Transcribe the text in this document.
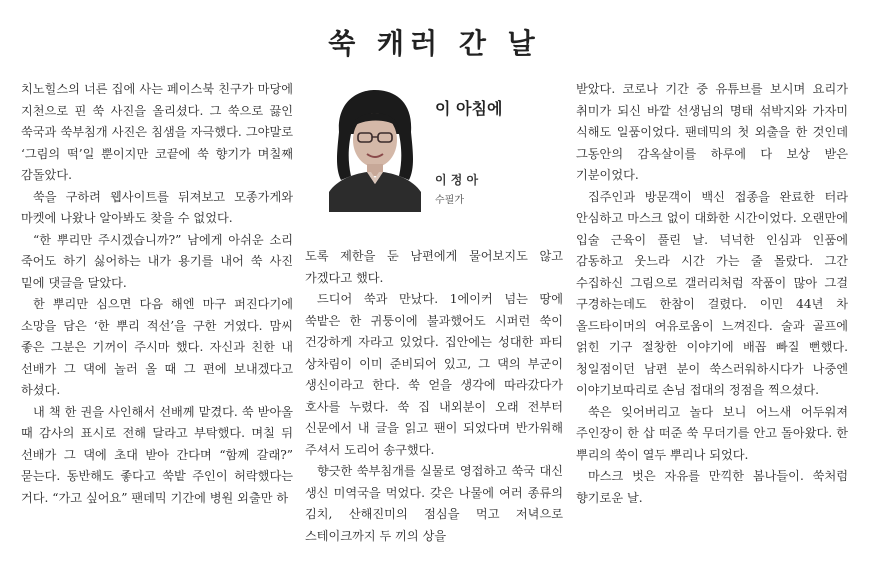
쑥 캐러 간 날
이 아침에
이 정 아
수필가

치노힐스의 너른 집에 사는 페이스북 친구가 마당에 지천으로 핀 쑥 사진을 올리셨다. 그 쑥으로 끓인 쑥국과 쑥부침개 사진은 침샘을 자극했다. 그야말로 ‘그림의 떡’일 뿐이지만 코끝에 쑥 향기가 며칠째 감돌았다.

쑥을 구하려 웹사이트를 뒤져보고 모종가게와 마켓에 나왔나 알아봐도 찾을 수 없었다.

“한 뿌리만 주시겠습니까?” 남에게 아쉬운 소리 죽어도 하기 싫어하는 내가 용기를 내어 쑥 사진 밑에 댓글을 달았다.

한 뿌리만 심으면 다음 해엔 마구 퍼진다기에 소망을 담은 ‘한 뿌리 적선’을 구한 거였다. 맘씨 좋은 그분은 기꺼이 주시마 했다. 자신과 친한 내 선배가 그 댁에 놀러 올 때 그 편에 보내겠다고 하셨다.

내 책 한 권을 사인해서 선배께 맡겼다. 쑥 받아올 때 감사의 표시로 전해 달라고 부탁했다. 며칠 뒤 선배가 그 댁에 초대 받아 간다며 “함께 갈래?” 묻는다. 동반해도 좋다고 쑥밭 주인이 허락했다는 거다. “가고 싶어요” 팬데믹 기간에 병원 외출만 하

도록 제한을 둔 남편에게 물어보지도 않고 가겠다고 했다.

드디어 쑥과 만났다. 1에이커 넘는 땅에 쑥밭은 한 귀퉁이에 불과했어도 시퍼런 쑥이 건강하게 자라고 있었다. 집안에는 성대한 파티 상차림이 이미 준비되어 있고, 그 댁의 부군이 생신이라고 한다. 쑥 얻을 생각에 따라갔다가 호사를 누렸다. 쑥 집 내외분이 오래 전부터 신문에서 내 글을 읽고 팬이 되었다며 반가워해 주셔서 도리어 송구했다.

향긋한 쑥부침개를 실물로 영접하고 쑥국 대신 생신 미역국을 먹었다. 갖은 나물에 여러 종류의 김치, 산해진미의 점심을 먹고 저녁으로 스테이크까지 두 끼의 상을

받았다. 코로나 기간 중 유튜브를 보시며 요리가 취미가 되신 바깥 선생님의 명태 섞박지와 가자미 식해도 일품이었다. 팬데믹의 첫 외출을 한 것인데 그동안의 감옥살이를 하루에 다 보상 받은 기분이었다.

집주인과 방문객이 백신 접종을 완료한 터라 안심하고 마스크 없이 대화한 시간이었다. 오랜만에 입술 근육이 풀린 날. 넉넉한 인심과 인품에 감동하고 웃느라 시간 가는 줄 몰랐다. 그간 수집하신 그림으로 갤러리처럼 작품이 많아 그걸 구경하는데도 한참이 걸렸다. 이민 44년 차 올드타이머의 여유로움이 느껴진다. 술과 골프에 얽힌 기구 절창한 이야기에 배꼽 빠질 뻔했다. 청일점이던 남편 분이 쑥스러워하시다가 나중엔 이야기보따리로 손님 접대의 정점을 찍으셨다.

쑥은 잊어버리고 놀다 보니 어느새 어두워져 주인장이 한 삽 떠준 쑥 무더기를 안고 돌아왔다. 한 뿌리의 쑥이 열두 뿌리나 되었다.

마스크 벗은 자유를 만끽한 봄나들이. 쑥처럼 향기로운 날.
